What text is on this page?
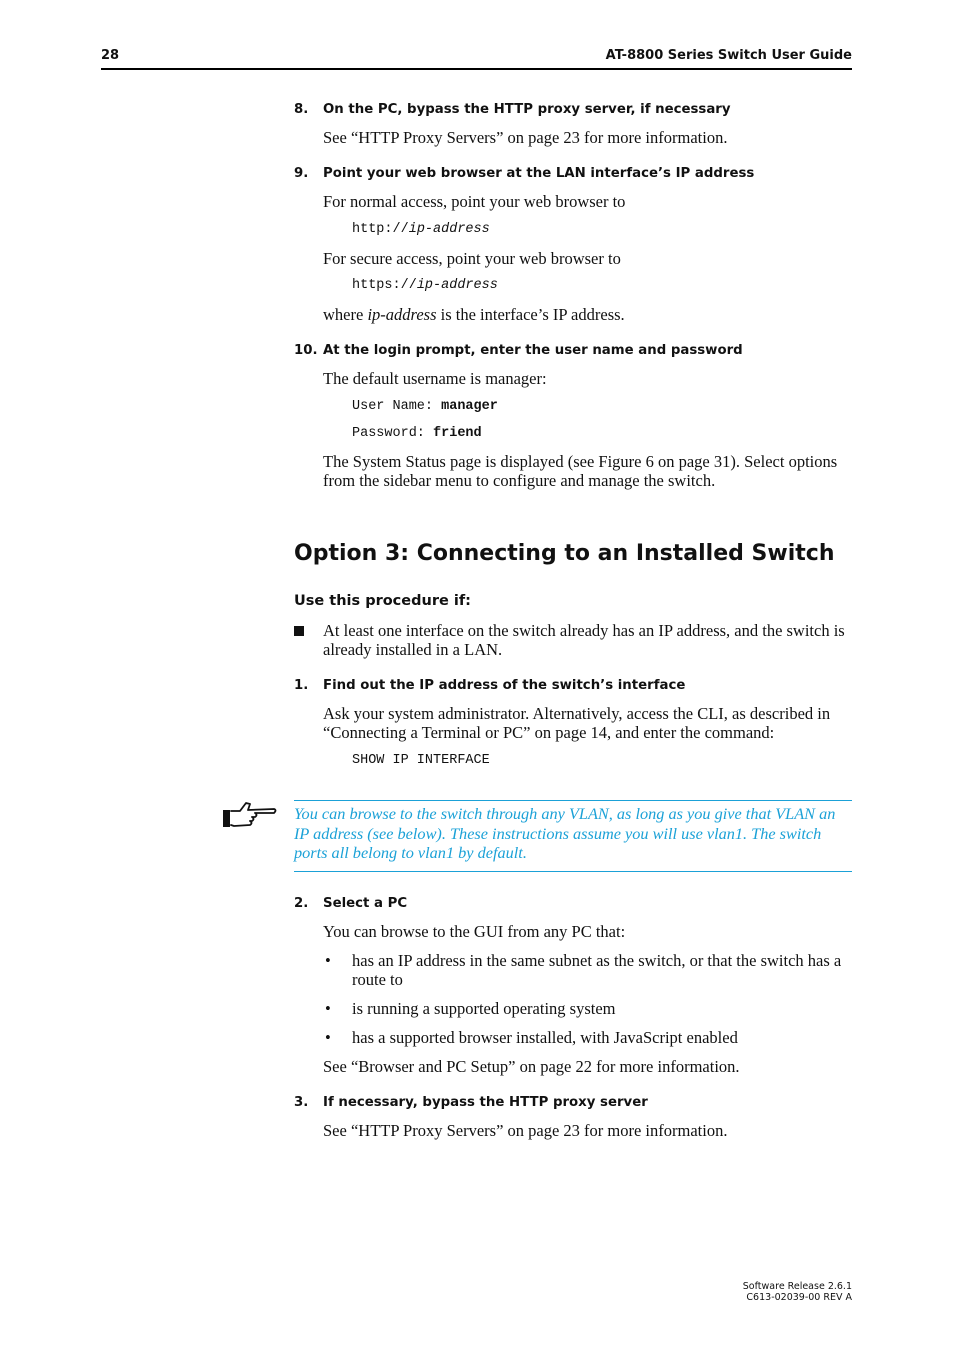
28	AT-8800 Series Switch User Guide
8. On the PC, bypass the HTTP proxy server, if necessary
See “HTTP Proxy Servers” on page 23 for more information.
9. Point your web browser at the LAN interface’s IP address
For normal access, point your web browser to
http://ip-address
For secure access, point your web browser to
https://ip-address
where ip-address is the interface’s IP address.
10. At the login prompt, enter the user name and password
The default username is manager:
User Name: manager
Password: friend
The System Status page is displayed (see Figure 6 on page 31). Select options from the sidebar menu to configure and manage the switch.
Option 3: Connecting to an Installed Switch
Use this procedure if:
At least one interface on the switch already has an IP address, and the switch is already installed in a LAN.
1. Find out the IP address of the switch’s interface
Ask your system administrator. Alternatively, access the CLI, as described in “Connecting a Terminal or PC” on page 14, and enter the command:
SHOW IP INTERFACE
You can browse to the switch through any VLAN, as long as you give that VLAN an IP address (see below). These instructions assume you will use vlan1. The switch ports all belong to vlan1 by default.
2. Select a PC
You can browse to the GUI from any PC that:
• has an IP address in the same subnet as the switch, or that the switch has a route to
• is running a supported operating system
• has a supported browser installed, with JavaScript enabled
See “Browser and PC Setup” on page 22 for more information.
3. If necessary, bypass the HTTP proxy server
See “HTTP Proxy Servers” on page 23 for more information.
Software Release 2.6.1
C613-02039-00 REV A
